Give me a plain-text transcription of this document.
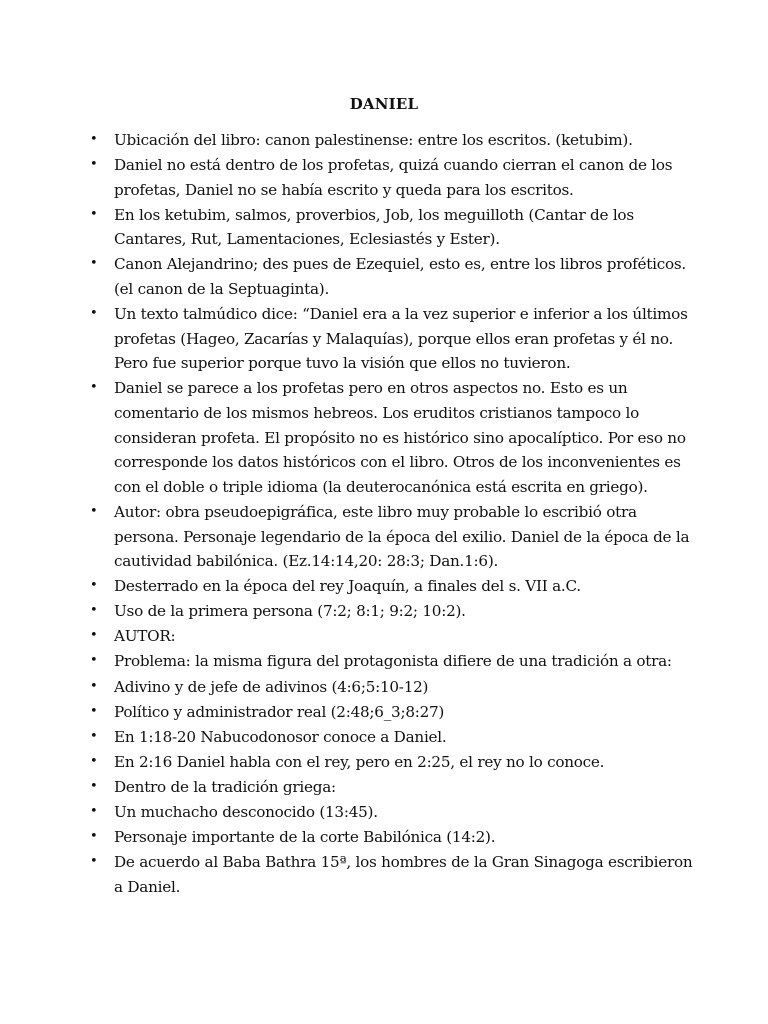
DANIEL
•	Ubicación del libro: canon palestinense: entre los escritos. (ketubim).
•	Daniel no está dentro de los profetas, quizá cuando cierran el canon de los profetas, Daniel no se había escrito y queda para los escritos.
•	En los ketubim, salmos, proverbios, Job, los meguilloth (Cantar de los Cantares, Rut, Lamentaciones, Eclesiastés y Ester).
•	Canon Alejandrino; des pues de Ezequiel, esto es, entre los libros proféticos. (el canon de la Septuaginta).
•	Un texto talmúdico dice: “Daniel era a la vez superior e inferior a los últimos profetas (Hageo, Zacarías y Malaquías), porque ellos eran profetas y él no. Pero fue superior porque tuvo la visión que ellos no tuvieron.
•	Daniel se parece a los profetas pero en otros aspectos no. Esto es un comentario de los mismos hebreos. Los eruditos cristianos tampoco lo consideran profeta. El propósito no es histórico sino apocalíptico. Por eso no corresponde los datos históricos con el libro. Otros de los inconvenientes es con el doble o triple idioma (la deuterocanónica está escrita en griego).
•	Autor: obra pseudoepigráfica, este libro muy probable lo escribió otra persona. Personaje legendario de la época del exilio. Daniel de la época de la cautividad babilónica. (Ez.14:14,20: 28:3; Dan.1:6).
•	Desterrado en la época del rey Joaquín, a finales del s. VII a.C.
•	Uso de la primera persona (7:2; 8:1; 9:2; 10:2).
•	AUTOR:
•	Problema: la misma figura del protagonista difiere de una tradición a otra:
•	Adivino y de jefe de adivinos (4:6;5:10-12)
•	Político y administrador real (2:48;6_3;8:27)
•	En 1:18-20 Nabucodonosor conoce a Daniel.
•	En 2:16 Daniel habla con el rey, pero en 2:25, el rey no lo conoce.
•	Dentro de la tradición griega:
•	Un muchacho desconocido (13:45).
•	Personaje importante de la corte Babilónica (14:2).
•	De acuerdo al Baba Bathra 15ª, los hombres de la Gran Sinagoga escribieron a Daniel.
